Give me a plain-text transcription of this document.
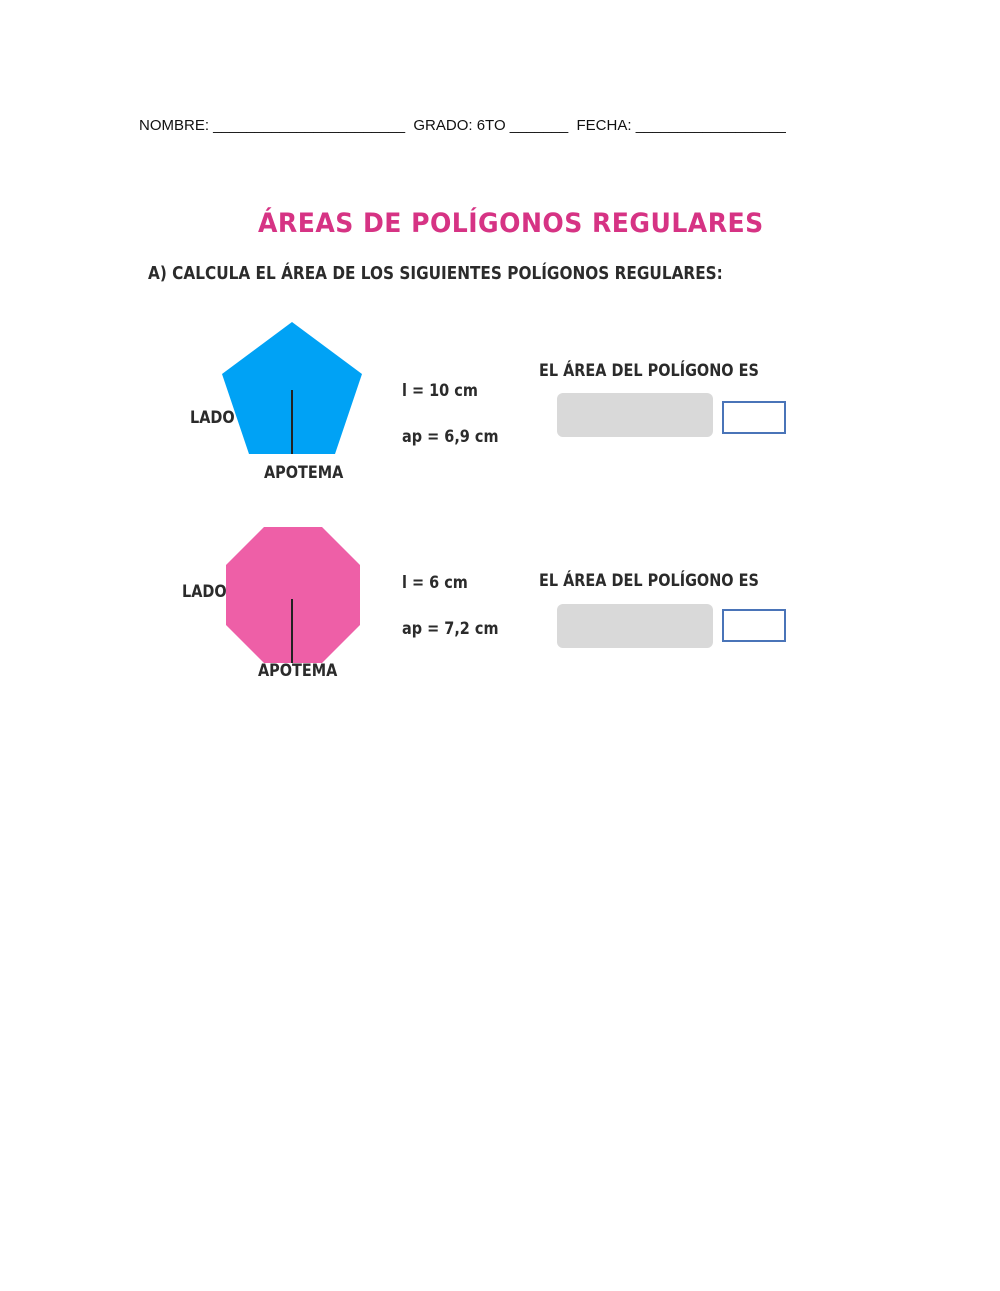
NOMBRE: _______________________  GRADO: 6TO _______  FECHA: __________________
ÁREAS DE POLÍGONOS REGULARES
A) CALCULA EL ÁREA DE LOS SIGUIENTES POLÍGONOS REGULARES:
LADO
APOTEMA
l = 10 cm
ap = 6,9 cm
EL ÁREA DEL POLÍGONO ES
LADO
APOTEMA
l = 6 cm
ap = 7,2 cm
EL ÁREA DEL POLÍGONO ES
